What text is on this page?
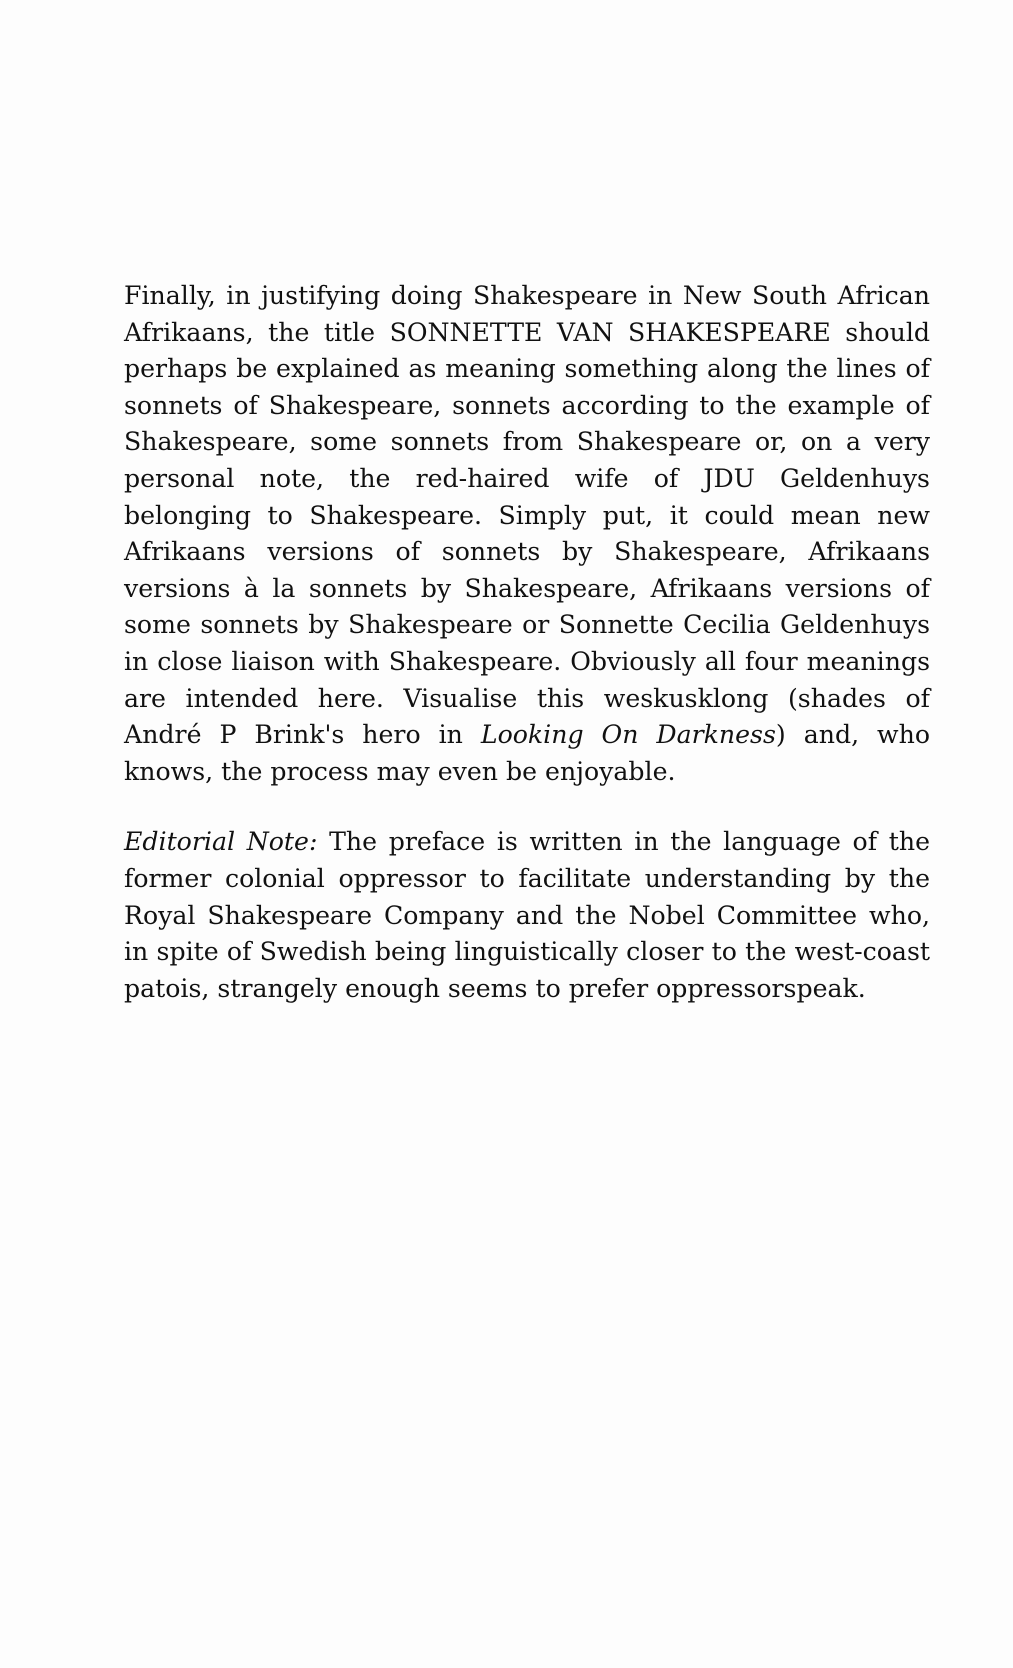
Finally, in justifying doing Shakespeare in New South African Afrikaans, the title SONNETTE VAN SHAKESPEARE should perhaps be explained as meaning something along the lines of sonnets of Shakespeare, sonnets according to the example of Shakespeare, some sonnets from Shakespeare or, on a very personal note, the red-haired wife of JDU Geldenhuys belonging to Shakespeare. Simply put, it could mean new Afrikaans versions of sonnets by Shakespeare, Afrikaans versions à la sonnets by Shakespeare, Afrikaans versions of some sonnets by Shakespeare or Sonnette Cecilia Geldenhuys in close liaison with Shakespeare. Obviously all four meanings are intended here. Visualise this weskusklong (shades of André P Brink's hero in Looking On Darkness) and, who knows, the process may even be enjoyable.

Editorial Note: The preface is written in the language of the former colonial oppressor to facilitate understanding by the Royal Shakespeare Company and the Nobel Committee who, in spite of Swedish being linguistically closer to the west-coast patois, strangely enough seems to prefer oppressorspeak.
